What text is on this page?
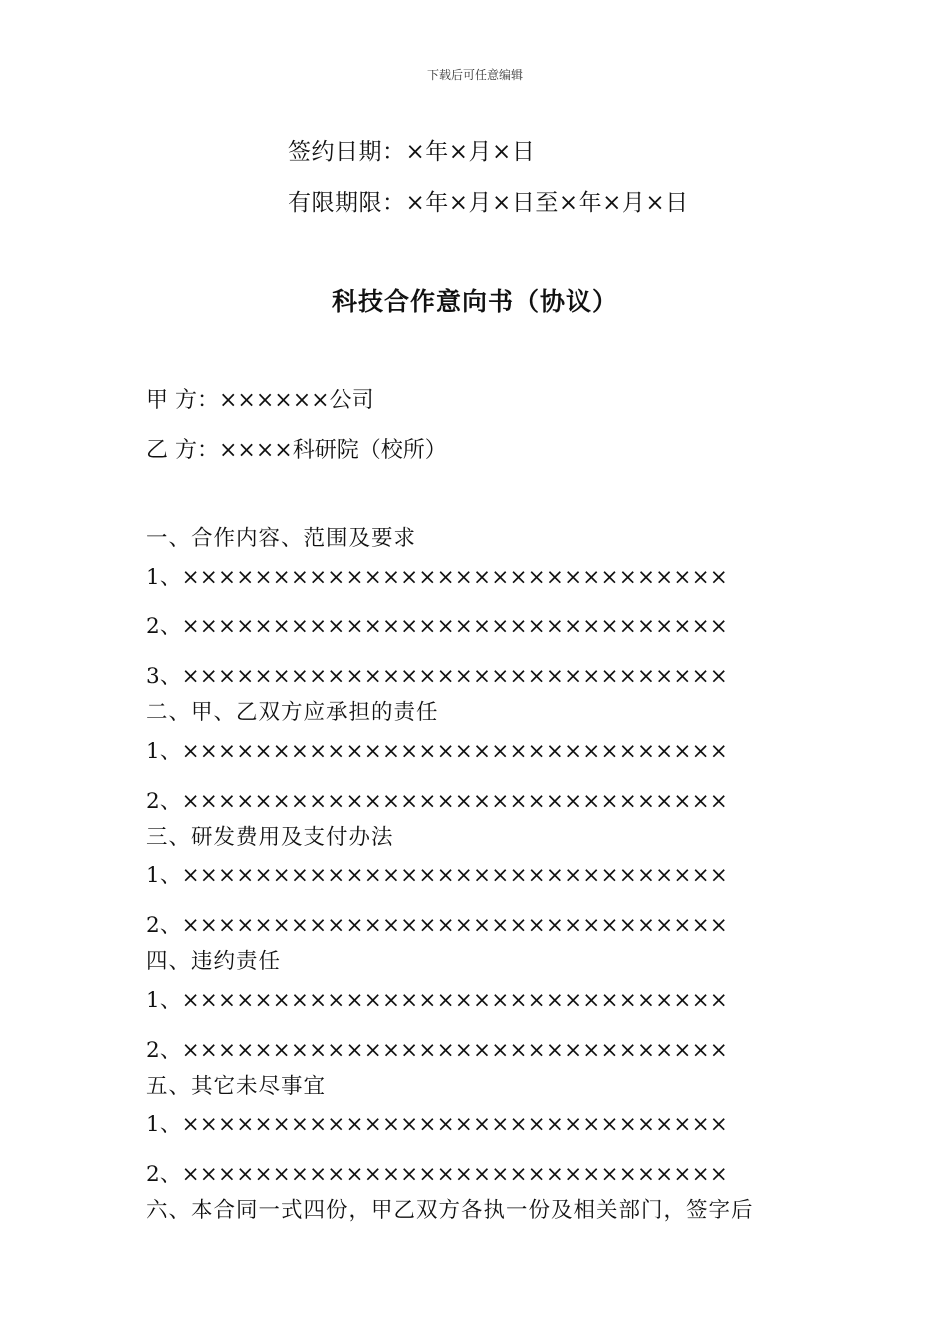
下载后可任意编辑
签约日期：×年×月×日
有限期限：×年×月×日至×年×月×日
科技合作意向书（协议）
甲 方：××××××公司
乙 方：××××科研院（校所）
一、合作内容、范围及要求
1、××××××××××××××××××××××××××××××
2、××××××××××××××××××××××××××××××
3、××××××××××××××××××××××××××××××
二、甲、乙双方应承担的责任
1、××××××××××××××××××××××××××××××
2、××××××××××××××××××××××××××××××
三、研发费用及支付办法
1、××××××××××××××××××××××××××××××
2、××××××××××××××××××××××××××××××
四、违约责任
1、××××××××××××××××××××××××××××××
2、××××××××××××××××××××××××××××××
五、其它未尽事宜
1、××××××××××××××××××××××××××××××
2、××××××××××××××××××××××××××××××
六、本合同一式四份，甲乙双方各执一份及相关部门，签字后
